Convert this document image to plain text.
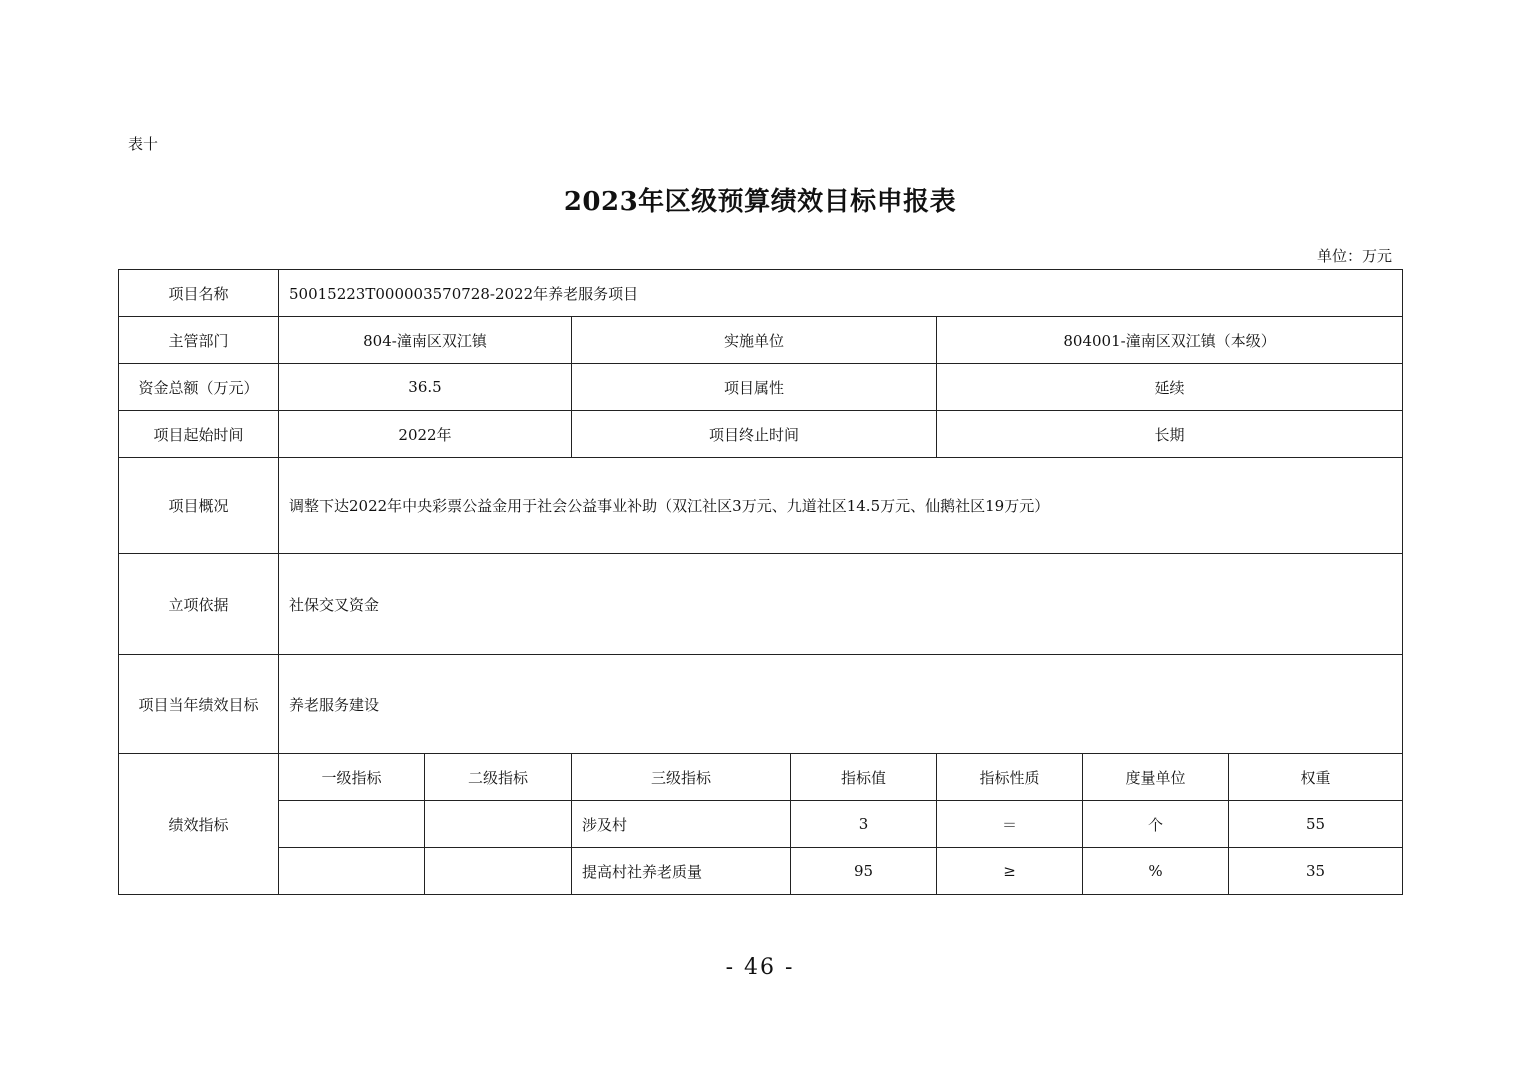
表十
2023年区级预算绩效目标申报表
单位：万元
项目名称	50015223T000003570728-2022年养老服务项目						
主管部门	804-潼南区双江镇		实施单位		804001-潼南区双江镇（本级）		
资金总额（万元）	36.5		项目属性		延续		
项目起始时间	2022年		项目终止时间		长期		
项目概况	调整下达2022年中央彩票公益金用于社会公益事业补助（双江社区3万元、九道社区14.5万元、仙鹅社区19万元）						
立项依据	社保交叉资金						
项目当年绩效目标	养老服务建设						
绩效指标	一级指标	二级指标	三级指标	指标值	指标性质	度量单位	权重
			涉及村	3	＝	个	55
			提高村社养老质量	95	≥	%	35
- 46 -
